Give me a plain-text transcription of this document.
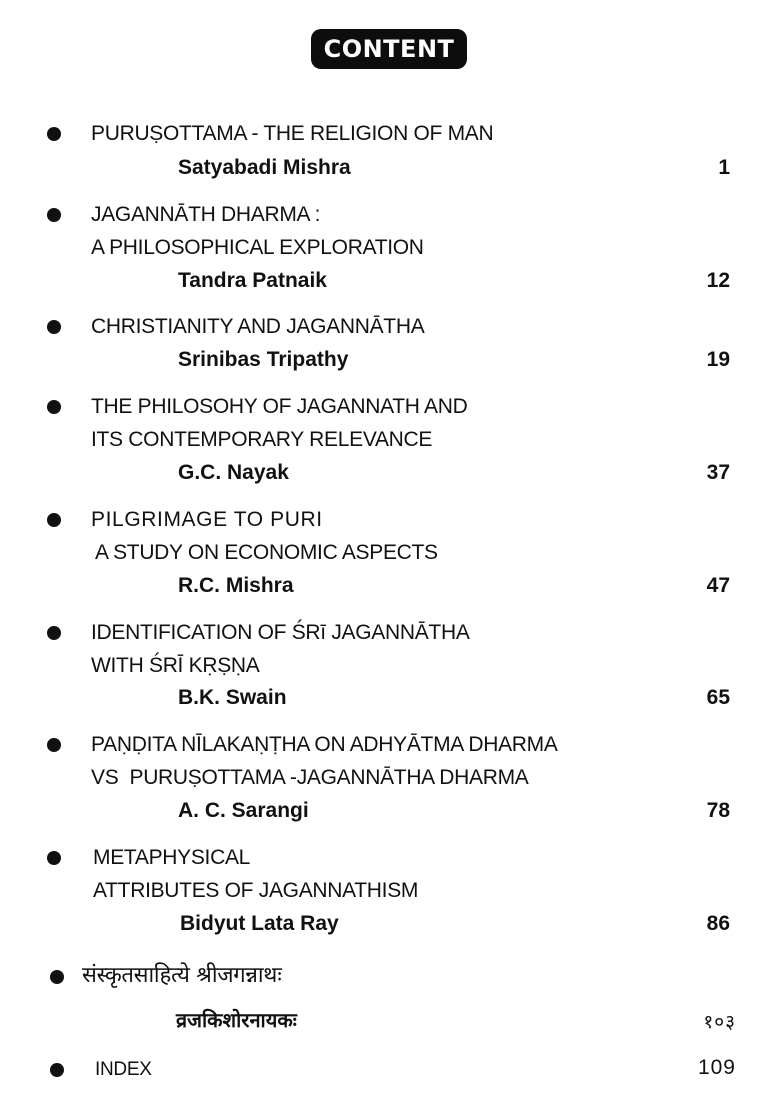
CONTENT
PURUṢOTTAMA - THE RELIGION OF MAN
Satyabadi Mishra	1
JAGANNĀTH DHARMA :
A PHILOSOPHICAL EXPLORATION
Tandra Patnaik	12
CHRISTIANITY AND JAGANNĀTHA
Srinibas Tripathy	19
THE PHILOSOHY OF JAGANNATH AND
ITS CONTEMPORARY RELEVANCE
G.C. Nayak	37
PILGRIMAGE TO PURI
A STUDY ON ECONOMIC ASPECTS
R.C. Mishra	47
IDENTIFICATION OF ŚRī JAGANNĀTHA
WITH ŚRĪ KṚṢṆA
B.K. Swain	65
PAṆḌITA NĪLAKAṆṬHA ON ADHYĀTMA DHARMA
VS  PURUṢOTTAMA -JAGANNĀTHA DHARMA
A. C. Sarangi	78
METAPHYSICAL
ATTRIBUTES OF JAGANNATHISM
Bidyut Lata Ray	86
संस्कृतसाहित्ये श्रीजगन्नाथः
व्रजकिशोरनायकः	१०३
INDEX	109
